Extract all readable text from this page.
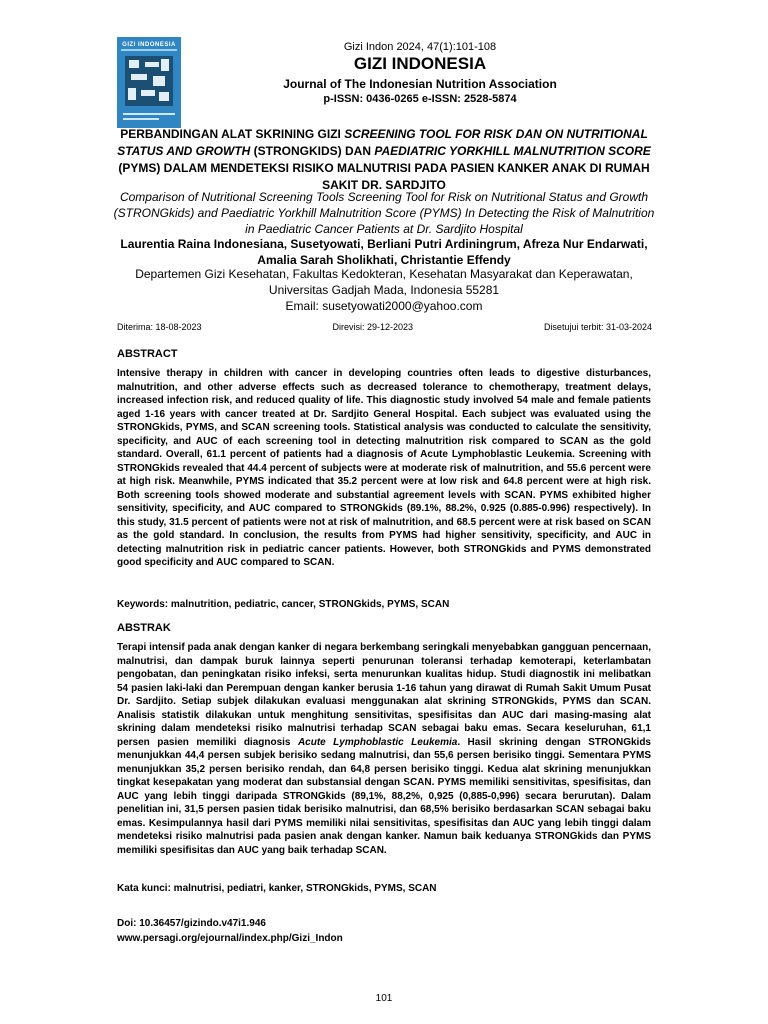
GIZI INDONESIA	Gizi Indon 2024, 47(1):101-108
GIZI INDONESIA
Journal of The Indonesian Nutrition Association
p-ISSN: 0436-0265 e-ISSN: 2528-5874
PERBANDINGAN ALAT SKRINING GIZI SCREENING TOOL FOR RISK DAN ON NUTRITIONAL STATUS AND GROWTH (STRONGKIDS) DAN PAEDIATRIC YORKHILL MALNUTRITION SCORE (PYMS) DALAM MENDETEKSI RISIKO MALNUTRISI PADA PASIEN KANKER ANAK DI RUMAH SAKIT DR. SARDJITO
Comparison of Nutritional Screening Tools Screening Tool for Risk on Nutritional Status and Growth (STRONGkids) and Paediatric Yorkhill Malnutrition Score (PYMS) In Detecting the Risk of Malnutrition in Paediatric Cancer Patients at Dr. Sardjito Hospital
Laurentia Raina Indonesiana, Susetyowati, Berliani Putri Ardiningrum, Afreza Nur Endarwati, Amalia Sarah Sholikhati, Christantie Effendy
Departemen Gizi Kesehatan, Fakultas Kedokteran, Kesehatan Masyarakat dan Keperawatan,
Universitas Gadjah Mada, Indonesia 55281
Email: susetyowati2000@yahoo.com
Diterima: 18-08-2023	Direvisi: 29-12-2023	Disetujui terbit: 31-03-2024
ABSTRACT
Intensive therapy in children with cancer in developing countries often leads to digestive disturbances, malnutrition, and other adverse effects such as decreased tolerance to chemotherapy, treatment delays, increased infection risk, and reduced quality of life. This diagnostic study involved 54 male and female patients aged 1-16 years with cancer treated at Dr. Sardjito General Hospital. Each subject was evaluated using the STRONGkids, PYMS, and SCAN screening tools. Statistical analysis was conducted to calculate the sensitivity, specificity, and AUC of each screening tool in detecting malnutrition risk compared to SCAN as the gold standard. Overall, 61.1 percent of patients had a diagnosis of Acute Lymphoblastic Leukemia. Screening with STRONGkids revealed that 44.4 percent of subjects were at moderate risk of malnutrition, and 55.6 percent were at high risk. Meanwhile, PYMS indicated that 35.2 percent were at low risk and 64.8 percent were at high risk. Both screening tools showed moderate and substantial agreement levels with SCAN. PYMS exhibited higher sensitivity, specificity, and AUC compared to STRONGkids (89.1%, 88.2%, 0.925 (0.885-0.996) respectively). In this study, 31.5 percent of patients were not at risk of malnutrition, and 68.5 percent were at risk based on SCAN as the gold standard. In conclusion, the results from PYMS had higher sensitivity, specificity, and AUC in detecting malnutrition risk in pediatric cancer patients. However, both STRONGkids and PYMS demonstrated good specificity and AUC compared to SCAN.
Keywords: malnutrition, pediatric, cancer, STRONGkids, PYMS, SCAN
ABSTRAK
Terapi intensif pada anak dengan kanker di negara berkembang seringkali menyebabkan gangguan pencernaan, malnutrisi, dan dampak buruk lainnya seperti penurunan toleransi terhadap kemoterapi, keterlambatan pengobatan, dan peningkatan risiko infeksi, serta menurunkan kualitas hidup. Studi diagnostik ini melibatkan 54 pasien laki-laki dan Perempuan dengan kanker berusia 1-16 tahun yang dirawat di Rumah Sakit Umum Pusat Dr. Sardjito. Setiap subjek dilakukan evaluasi menggunakan alat skrining STRONGkids, PYMS dan SCAN. Analisis statistik dilakukan untuk menghitung sensitivitas, spesifisitas dan AUC dari masing-masing alat skrining dalam mendeteksi risiko malnutrisi terhadap SCAN sebagai baku emas. Secara keseluruhan, 61,1 persen pasien memiliki diagnosis Acute Lymphoblastic Leukemia. Hasil skrining dengan STRONGkids menunjukkan 44,4 persen subjek berisiko sedang malnutrisi, dan 55,6 persen berisiko tinggi. Sementara PYMS menunjukkan 35,2 persen berisiko rendah, dan 64,8 persen berisiko tinggi. Kedua alat skrining menunjukkan tingkat kesepakatan yang moderat dan substansial dengan SCAN. PYMS memiliki sensitivitas, spesifisitas, dan AUC yang lebih tinggi daripada STRONGkids (89,1%, 88,2%, 0,925 (0,885-0,996) secara berurutan). Dalam penelitian ini, 31,5 persen pasien tidak berisiko malnutrisi, dan 68,5% berisiko berdasarkan SCAN sebagai baku emas. Kesimpulannya hasil dari PYMS memiliki nilai sensitivitas, spesifisitas dan AUC yang lebih tinggi dalam mendeteksi risiko malnutrisi pada pasien anak dengan kanker. Namun baik keduanya STRONGkids dan PYMS memiliki spesifisitas dan AUC yang baik terhadap SCAN.
Kata kunci: malnutrisi, pediatri, kanker, STRONGkids, PYMS, SCAN
Doi: 10.36457/gizindo.v47i1.946
www.persagi.org/ejournal/index.php/Gizi_Indon
101
